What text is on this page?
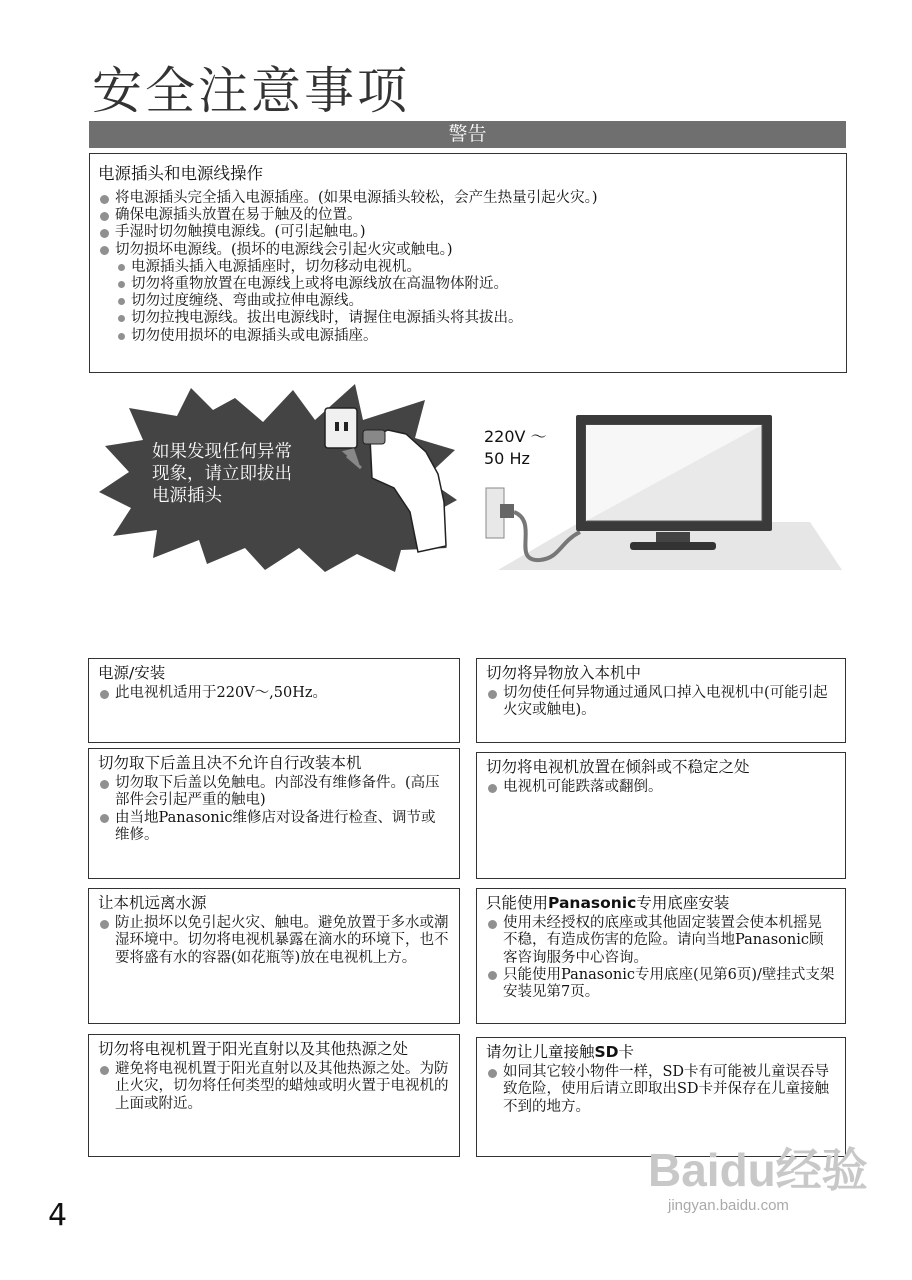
安全注意事项
警告
电源插头和电源线操作
将电源插头完全插入电源插座。(如果电源插头较松，会产生热量引起火灾。)
确保电源插头放置在易于触及的位置。
手湿时切勿触摸电源线。(可引起触电。)
切勿损坏电源线。(损坏的电源线会引起火灾或触电。)
电源插头插入电源插座时，切勿移动电视机。
切勿将重物放置在电源线上或将电源线放在高温物体附近。
切勿过度缠绕、弯曲或拉伸电源线。
切勿拉拽电源线。拔出电源线时，请握住电源插头将其拔出。
切勿使用损坏的电源插头或电源插座。
如果发现任何异常
现象，请立即拔出
电源插头
220V ～
50 Hz
电源/安装
此电视机适用于220V～,50Hz。
切勿将异物放入本机中
切勿使任何异物通过通风口掉入电视机中(可能引起火灾或触电)。
切勿取下后盖且决不允许自行改装本机
切勿取下后盖以免触电。内部没有维修备件。(高压部件会引起严重的触电)
由当地Panasonic维修店对设备进行检查、调节或维修。
切勿将电视机放置在倾斜或不稳定之处
电视机可能跌落或翻倒。
让本机远离水源
防止损坏以免引起火灾、触电。避免放置于多水或潮湿环境中。切勿将电视机暴露在滴水的环境下，也不要将盛有水的容器(如花瓶等)放在电视机上方。
只能使用Panasonic专用底座安装
使用未经授权的底座或其他固定装置会使本机摇晃不稳，有造成伤害的危险。请向当地Panasonic顾客咨询服务中心咨询。
只能使用Panasonic专用底座(见第6页)/壁挂式支架安装见第7页。
切勿将电视机置于阳光直射以及其他热源之处
避免将电视机置于阳光直射以及其他热源之处。为防止火灾，切勿将任何类型的蜡烛或明火置于电视机的上面或附近。
请勿让儿童接触SD卡
如同其它较小物件一样，SD卡有可能被儿童误吞导致危险，使用后请立即取出SD卡并保存在儿童接触不到的地方。
4
Baidu经验
jingyan.baidu.com
